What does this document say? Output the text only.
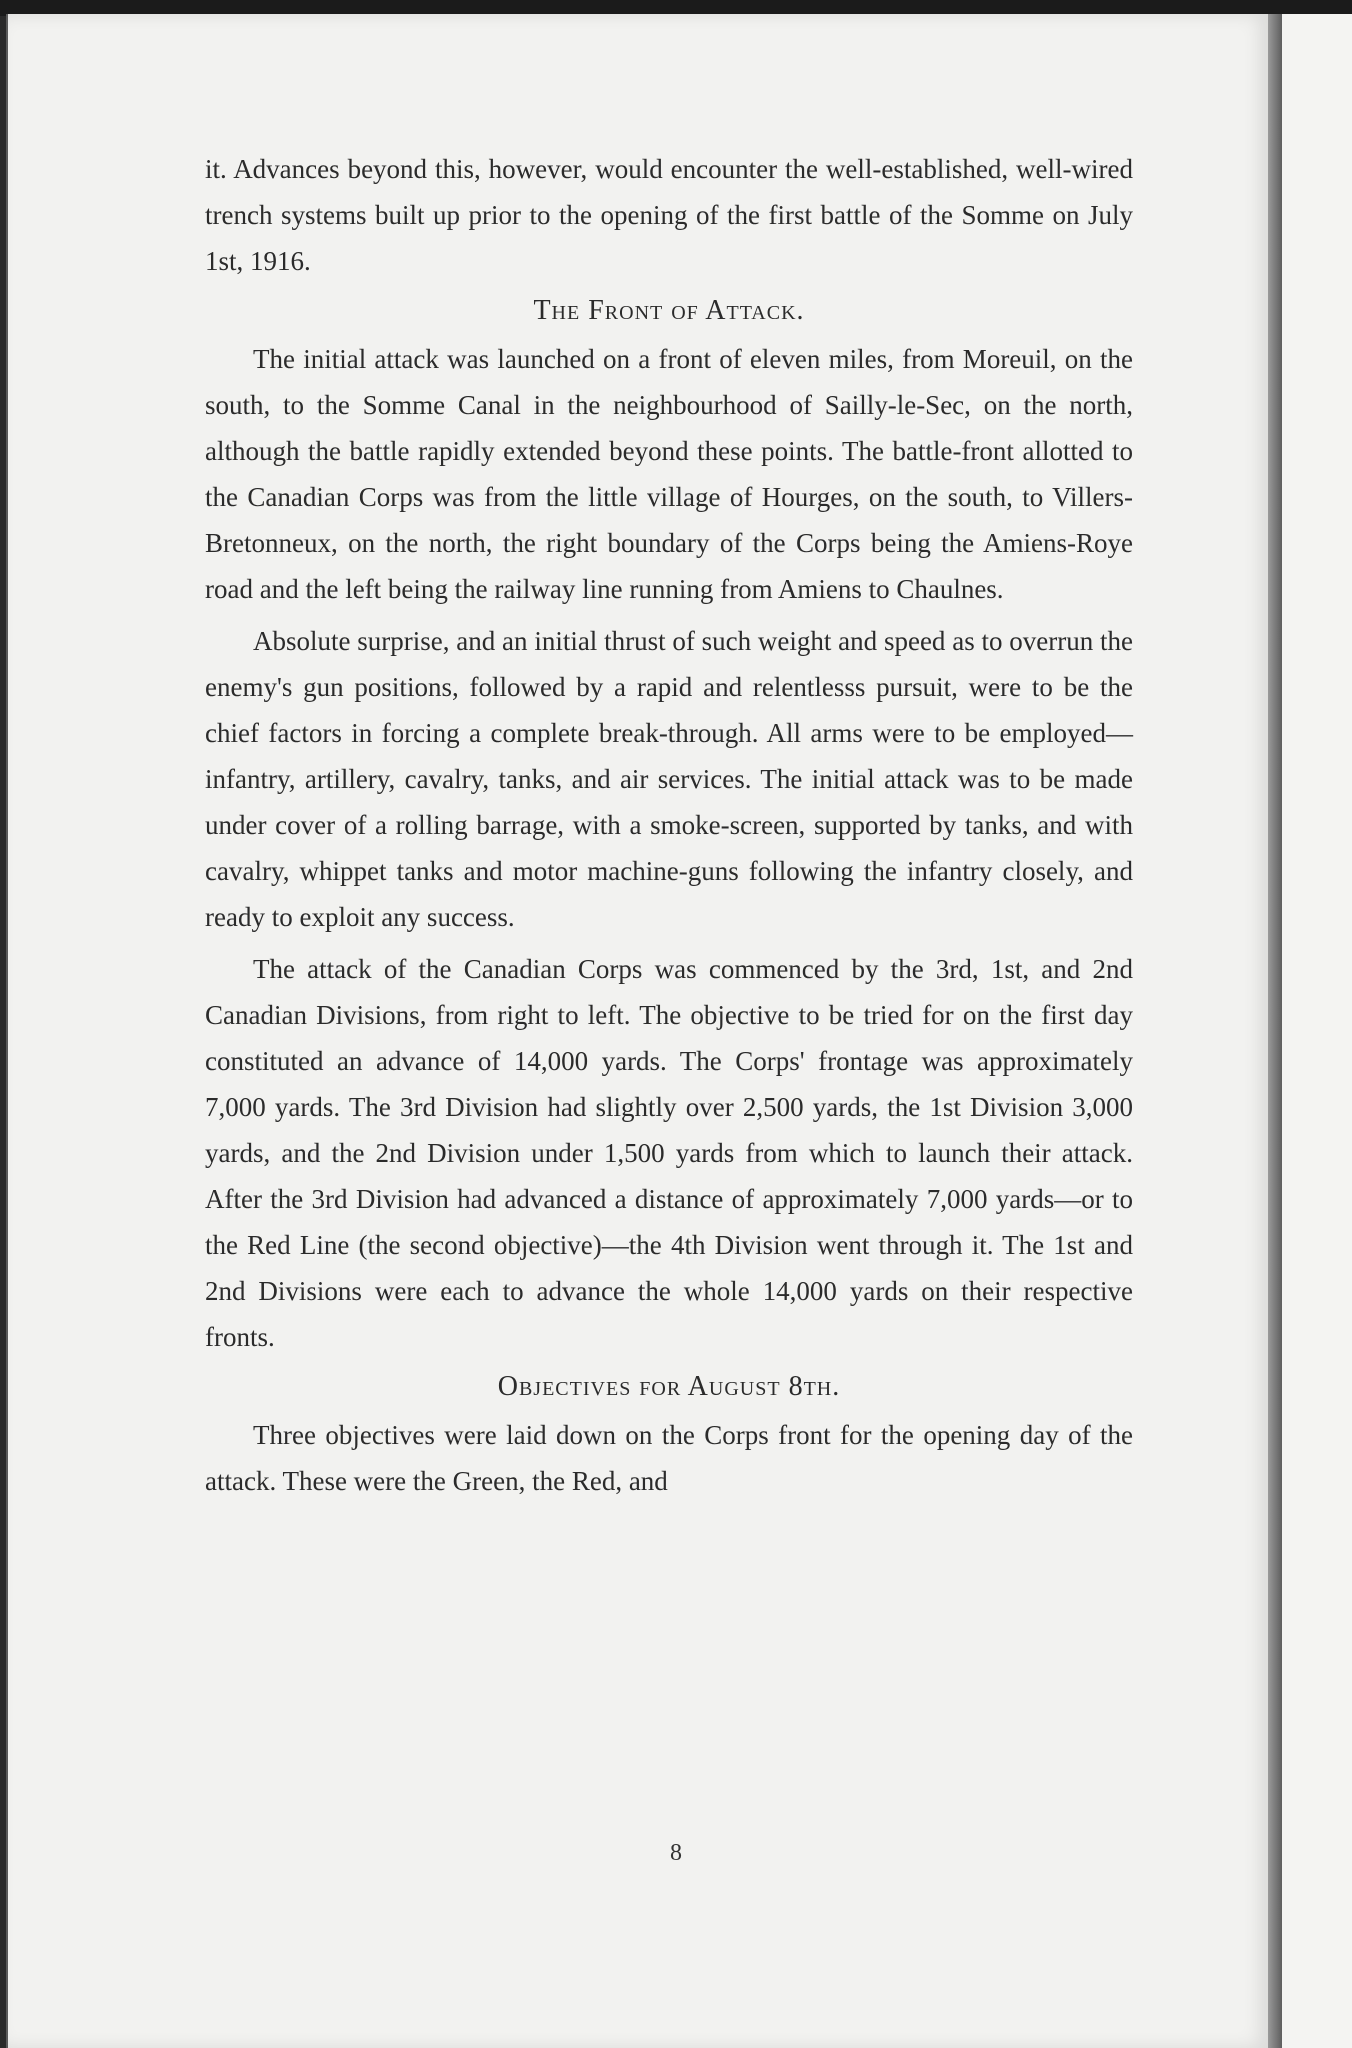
it. Advances beyond this, however, would encounter the well-established, well-wired trench systems built up prior to the opening of the first battle of the Somme on July 1st, 1916.

The Front of Attack.

The initial attack was launched on a front of eleven miles, from Moreuil, on the south, to the Somme Canal in the neighbourhood of Sailly-le-Sec, on the north, although the battle rapidly extended beyond these points. The battle-front allotted to the Canadian Corps was from the little village of Hourges, on the south, to Villers-Bretonneux, on the north, the right boundary of the Corps being the Amiens-Roye road and the left being the railway line running from Amiens to Chaulnes.

Absolute surprise, and an initial thrust of such weight and speed as to overrun the enemy's gun positions, followed by a rapid and relentlesss pursuit, were to be the chief factors in forcing a complete break-through. All arms were to be employed—infantry, artillery, cavalry, tanks, and air services. The initial attack was to be made under cover of a rolling barrage, with a smoke-screen, supported by tanks, and with cavalry, whippet tanks and motor machine-guns following the infantry closely, and ready to exploit any success.

The attack of the Canadian Corps was commenced by the 3rd, 1st, and 2nd Canadian Divisions, from right to left. The objective to be tried for on the first day constituted an advance of 14,000 yards. The Corps' frontage was approximately 7,000 yards. The 3rd Division had slightly over 2,500 yards, the 1st Division 3,000 yards, and the 2nd Division under 1,500 yards from which to launch their attack. After the 3rd Division had advanced a distance of approximately 7,000 yards—or to the Red Line (the second objective)—the 4th Division went through it. The 1st and 2nd Divisions were each to advance the whole 14,000 yards on their respective fronts.

Objectives for August 8th.

Three objectives were laid down on the Corps front for the opening day of the attack. These were the Green, the Red, and

8
